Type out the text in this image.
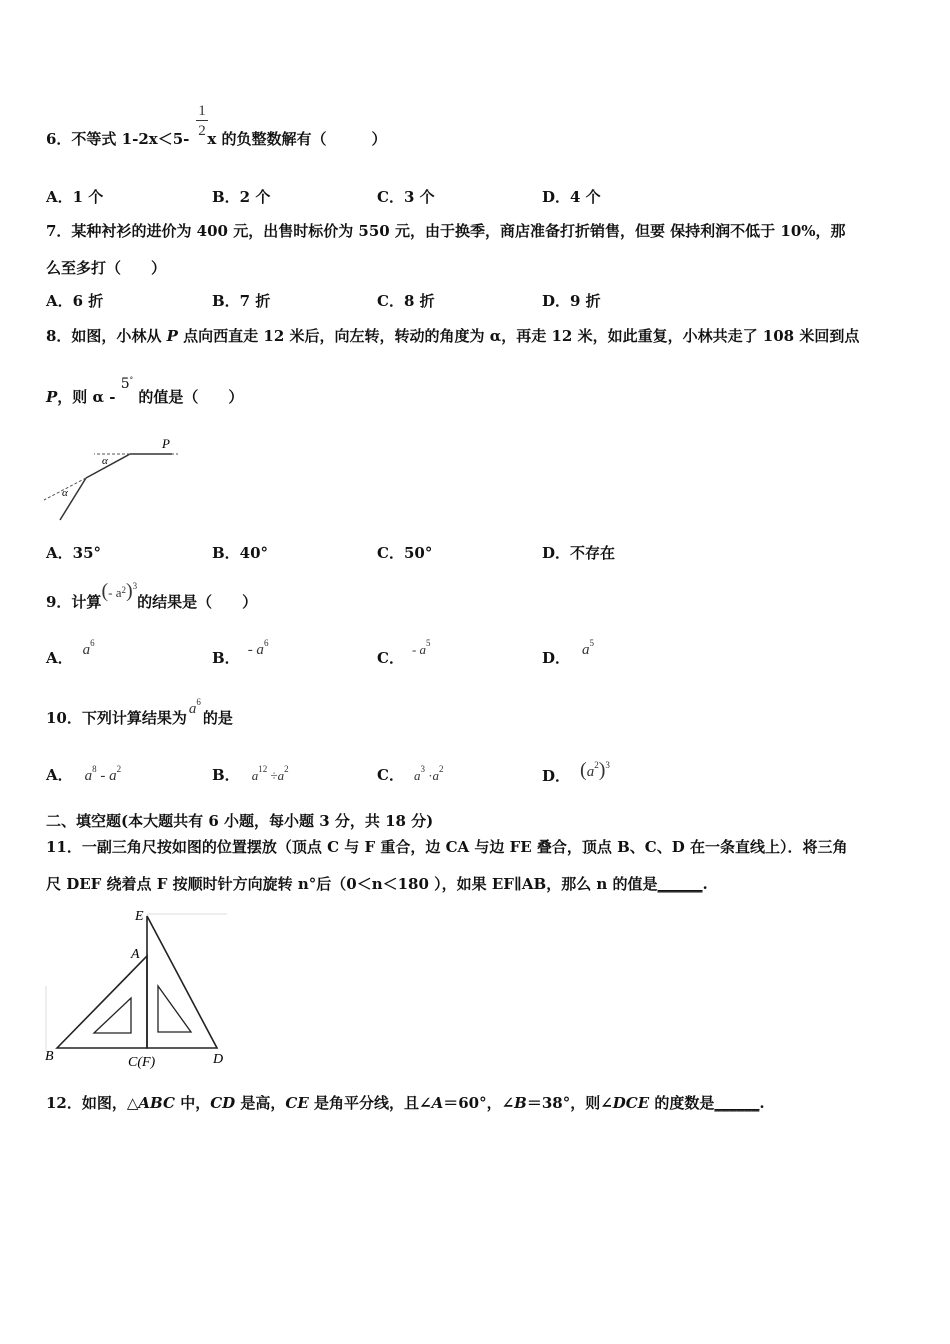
6．不等式 1-2x＜5- x 的负整数解有（　　　）
1
2
A．1 个	B．2 个	C．3 个	D．4 个
7．某种衬衫的进价为 400 元，出售时标价为 550 元，由于换季，商店准备打折销售，但要 保持利润不低于 10%，那
么至多打（　　）
A．6 折	B．7 折	C．8 折	D．9 折
8．如图，小林从 P 点向西直走 12 米后，向左转，转动的角度为 α，再走 12 米，如此重复，小林共走了 108 米回到点
P，则 α - 5° 的值是（　　）
P
α
α
A．35°	B．40°	C．50°	D．不存在
9．计算(- $a^2)^3$的结果是（　　）
A． $a^6$
B． - $a^6$
C． - $a^5$
D． $a^5$
10．下列计算结果为 $a^6$的是
A． $a^8 - a^2$	B． $a^{12} \div a^2$	C． $a^3 \cdot a^2$	D． $(a^2)^3$
二、填空题(本大题共有 6 小题，每小题 3 分，共 18 分)
11．一副三角尺按如图的位置摆放（顶点 C 与 F 重合，边 CA 与边 FE 叠合，顶点 B、C、D 在一条直线上）．将三角
尺 DEF 绕着点 F 按顺时针方向旋转 n°后（0＜n＜180 ），如果 EF∥AB，那么 n 的值是______.
E
A
B	C(F)	D
12．如图，△ABC 中，CD 是高，CE 是角平分线，且∠A＝60°，∠B＝38°，则∠DCE 的度数是______.
